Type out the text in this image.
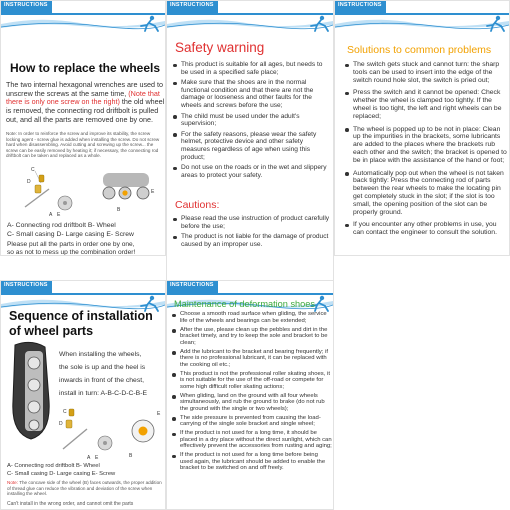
INSTRUCTIONS
How to replace the wheels
The two internal hexagonal wrenches are used to unscrew the screws at the same time, (Note that there is only one screw on the right) the old wheel is removed, the connecting rod driftbolt is pulled out, and all the parts are removed one by one.
Note: In order to reinforce the screw and improve its stability, the screw locking agent - screw glue is added when installing the screw. Do not screw hard when disassembling. Avoid cutting and screwing up the screw... the screw can be easily removed by heating it; if necessary, the connecting rod driftbolt can be taken and replaced as a whole.
C
D
A E
B
E
A- Connecting rod driftbolt B- Wheel
C- Small casing D- Large casing E- Screw
Please put all the parts in order one by one,
so as not to mess up the combination order!
INSTRUCTIONS
Safety warning
This product is suitable for all ages, but needs to be used in a specified safe place;
Make sure that the shoes are in the normal functional condition and that there are not the damage or looseness and other faults for the wheels and screws before the use;
The child must be used under the adult's supervision;
For the safety reasons, please wear the safety helmet, protective device and other safety measures regardless of age when using this product;
Do not use on the roads or in the wet and slippery areas to protect your safety.
Cautions:
Please read the use instruction of product carefully before the use;
The product is not liable for the damage of product caused by an improper use.
INSTRUCTIONS
Solutions to common problems
The switch gets stuck and cannot turn: the sharp tools can be used to insert into the edge of the switch round hole slot, the switch is pried out;
Press the switch and it cannot be opened: Check whether the wheel is clamped too tightly. If the wheel is too tight, the left and right wheels can be replaced;
The wheel is popped up to be not in place: Clean up the impurities in the brackets, some lubricants are added to the places where the brackets rub each other and the switch; the bracket is opened to be in place with the assistance of the hand or foot;
Automatically pop out when the wheel is not taken back tightly: Press the connecting rod of parts between the rear wheels to make the locating pin get completely stuck in the slot; if the slot is too small, the opening position of the slot can be properly ground.
If you encounter any other problems in use, you can contact the engineer to consult the solution.
INSTRUCTIONS
Sequence of installation
of wheel parts
When installing the wheels,
the sole is up and the heel is
inwards in front of the chest,
install in turn: A-B-C-D-C-B-E
C
D
A E	B
E
A- Connecting rod driftbolt B- Wheel
C- Small casing D- Large casing E- Screw
Note: The concave side of the wheel (B) faces outwards, the proper addition of thread glue can reduce the vibration and deviation of the screw when installing the wheel.
Can't install in the wrong order, and cannot omit the parts
INSTRUCTIONS
Maintenance of deformation shoes
Choose a smooth road surface when gliding, the service life of the wheels and bearings can be extended;
After the use, please clean up the pebbles and dirt in the bracket timely, and try to keep the sole and bracket to be clean;
Add the lubricant to the bracket and bearing frequently; if there is no professional lubricant, it can be replaced with the cooking oil etc.;
This product is not the professional roller skating shoes, it is not suitable for the use of the off-road or compete for some high difficult roller skating actions;
When gliding, land on the ground with all four wheels simultaneously, and rub the ground to brake (do not rub the ground with the single or two wheels);
The side pressure is prevented from causing the load-carrying of the single sole bracket and single wheel;
If the product is not used for a long time, it should be placed in a dry place without the direct sunlight, which can effectively prevent the accessories from rusting and aging;
If the product is not used for a long time before being used again, the lubricant should be added to enable the bracket to be switched on and off freely.
